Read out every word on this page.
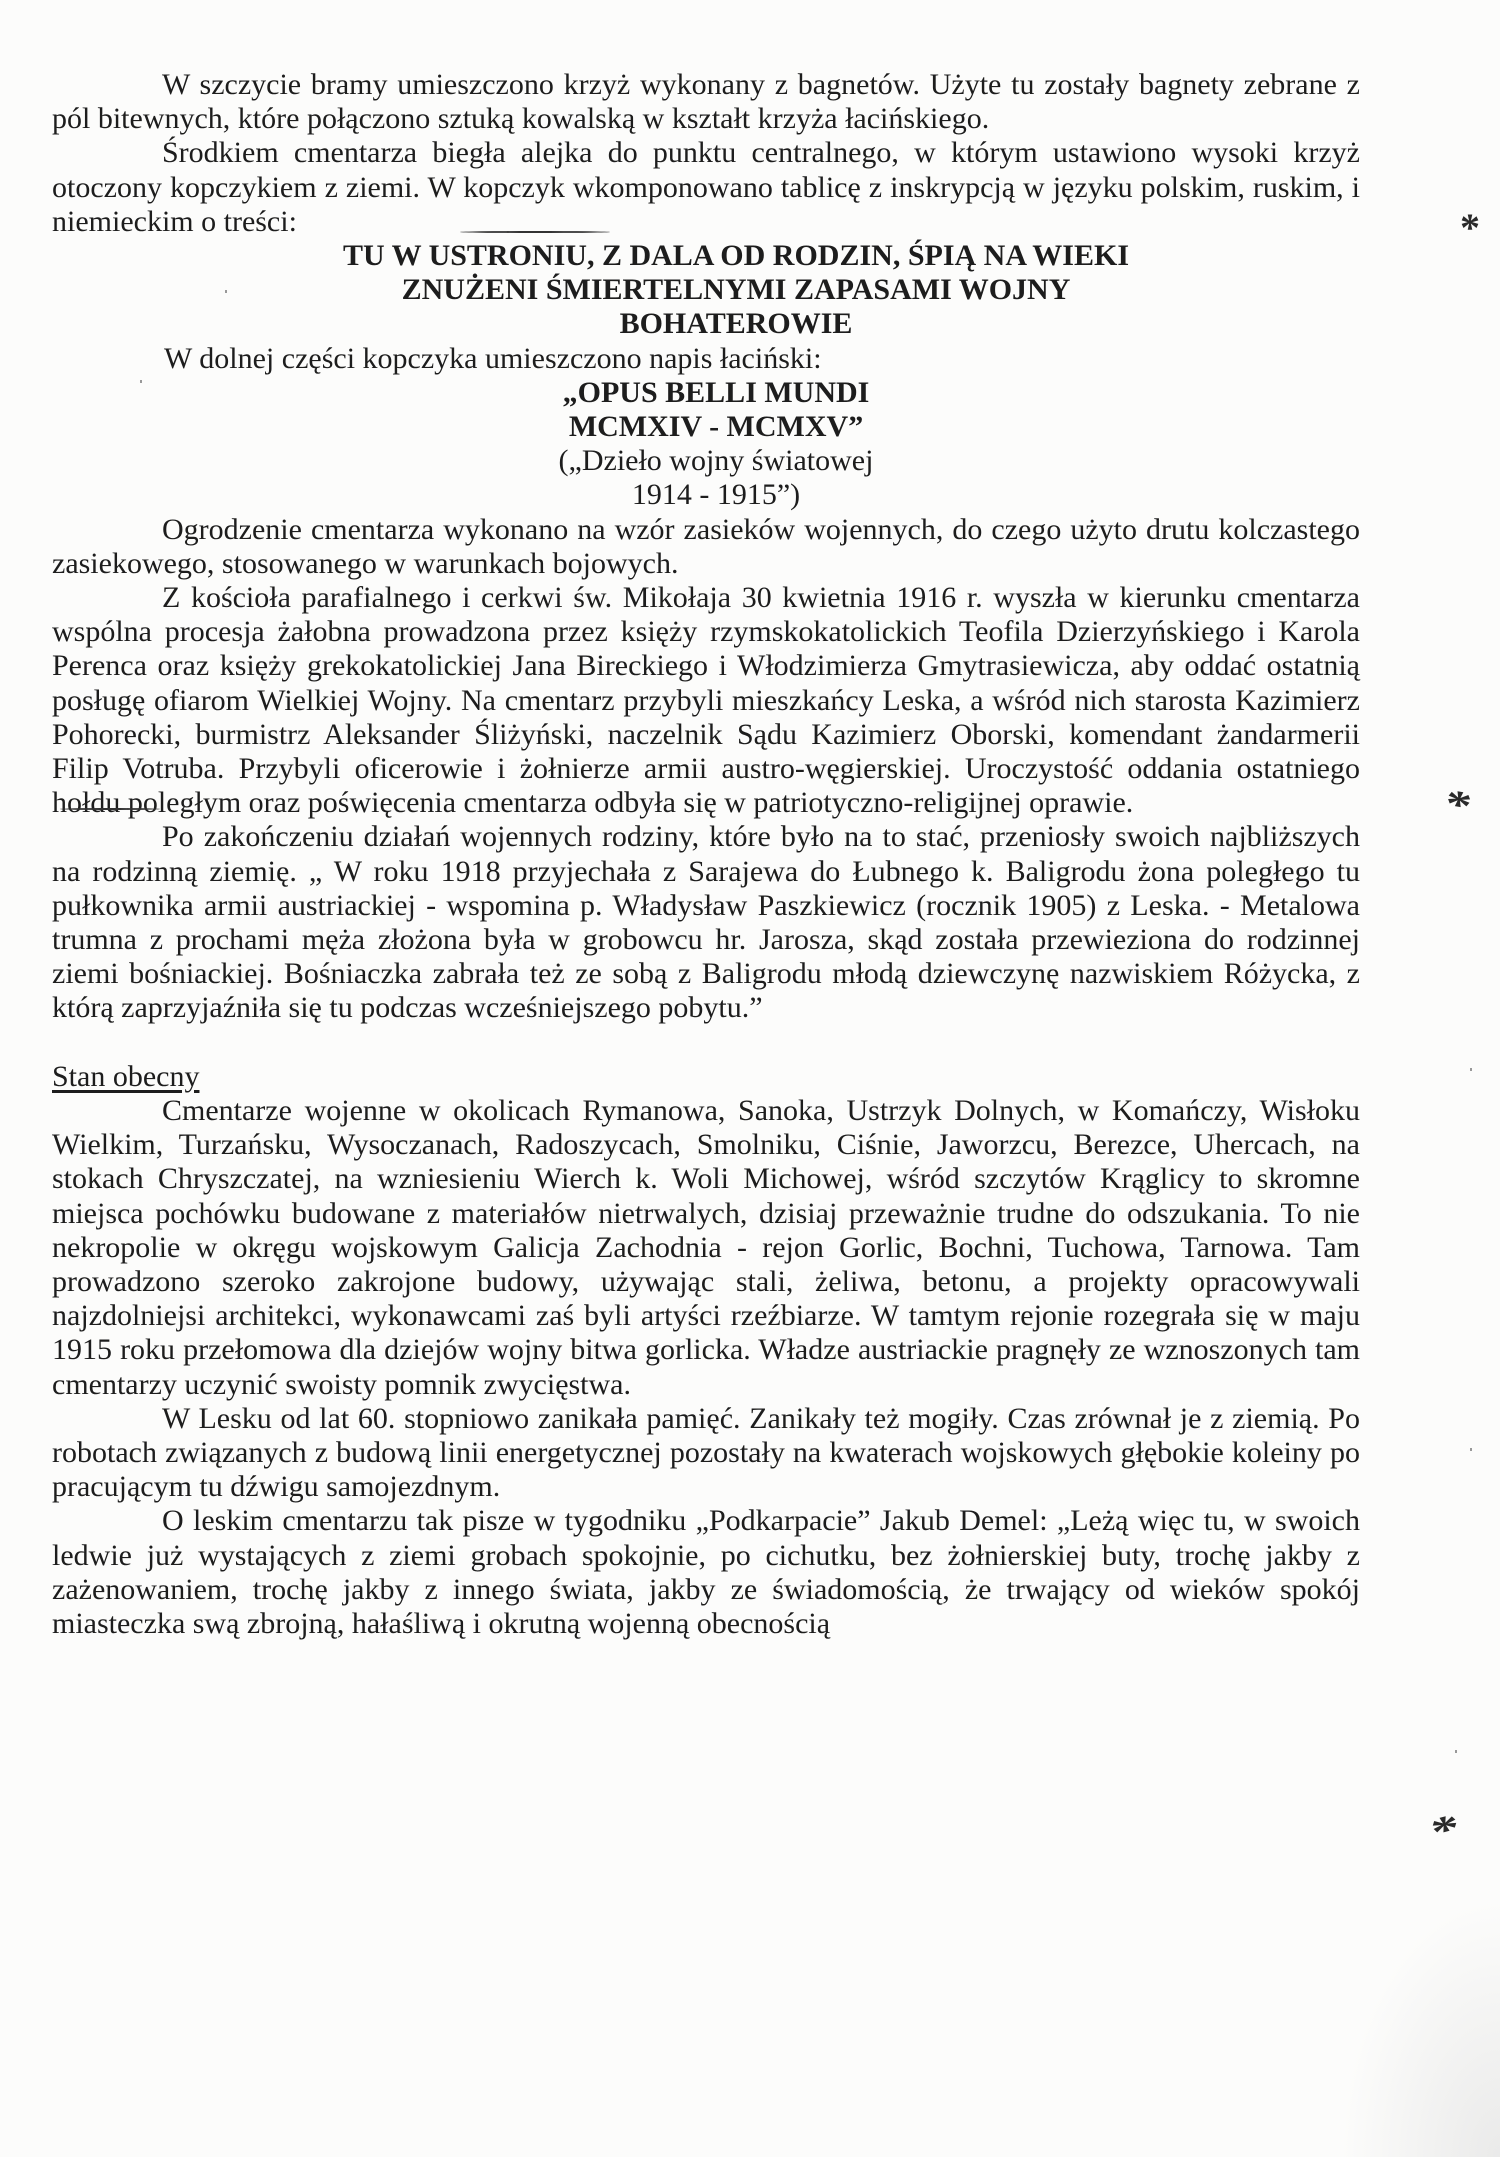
W szczycie bramy umieszczono krzyż wykonany z bagnetów. Użyte tu zostały bagnety zebrane z pól bitewnych, które połączono sztuką kowalską w kształt krzyża łacińskiego.

Środkiem cmentarza biegła alejka do punktu centralnego, w którym ustawiono wysoki krzyż otoczony kopczykiem z ziemi. W kopczyk wkomponowano tablicę z inskrypcją w języku polskim, ruskim, i niemieckim o treści:

TU W USTRONIU, Z DALA OD RODZIN, ŚPIĄ NA WIEKI

ZNUŻENI ŚMIERTELNYMI ZAPASAMI WOJNY

BOHATEROWIE

W dolnej części kopczyka umieszczono napis łaciński:

„OPUS BELLI MUNDI

MCMXIV - MCMXV”

(„Dzieło wojny światowej

1914 - 1915”)

Ogrodzenie cmentarza wykonano na wzór zasieków wojennych, do czego użyto drutu kolczastego zasiekowego, stosowanego w warunkach bojowych.

Z kościoła parafialnego i cerkwi św. Mikołaja 30 kwietnia 1916 r. wyszła w kierunku cmentarza wspólna procesja żałobna prowadzona przez księży rzymskokatolickich Teofila Dzierzyńskiego i Karola Perenca oraz księży grekokatolickiej Jana Bireckiego i Włodzimierza Gmytrasiewicza, aby oddać ostatnią posługę ofiarom Wielkiej Wojny. Na cmentarz przybyli mieszkańcy Leska, a wśród nich starosta Kazimierz Pohorecki, burmistrz Aleksander Śliżyński, naczelnik Sądu Kazimierz Oborski, komendant żandarmerii Filip Votruba. Przybyli oficerowie i żołnierze armii austro-węgierskiej. Uroczystość oddania ostatniego hołdu poległym oraz poświęcenia cmentarza odbyła się w patriotyczno-religijnej oprawie.

Po zakończeniu działań wojennych rodziny, które było na to stać, przeniosły swoich najbliższych na rodzinną ziemię. „ W roku 1918 przyjechała z Sarajewa do Łubnego k. Baligrodu żona poległego tu pułkownika armii austriackiej - wspomina p. Władysław Paszkiewicz (rocznik 1905) z Leska. - Metalowa trumna z prochami męża złożona była w grobowcu hr. Jarosza, skąd została przewieziona do rodzinnej ziemi bośniackiej. Bośniaczka zabrała też ze sobą z Baligrodu młodą dziewczynę nazwiskiem Różycka, z którą zaprzyjaźniła się tu podczas wcześniejszego pobytu.”

Stan obecny

Cmentarze wojenne w okolicach Rymanowa, Sanoka, Ustrzyk Dolnych, w Komańczy, Wisłoku Wielkim, Turzańsku, Wysoczanach, Radoszycach, Smolniku, Ciśnie, Jaworzcu, Berezce, Uhercach, na stokach Chryszczatej, na wzniesieniu Wierch k. Woli Michowej, wśród szczytów Krąglicy to skromne miejsca pochówku budowane z materiałów nietrwalych, dzisiaj przeważnie trudne do odszukania. To nie nekropolie w okręgu wojskowym Galicja Zachodnia - rejon Gorlic, Bochni, Tuchowa, Tarnowa. Tam prowadzono szeroko zakrojone budowy, używając stali, żeliwa, betonu, a projekty opracowywali najzdolniejsi architekci, wykonawcami zaś byli artyści rzeźbiarze. W tamtym rejonie rozegrała się w maju 1915 roku przełomowa dla dziejów wojny bitwa gorlicka. Władze austriackie pragnęły ze wznoszonych tam cmentarzy uczynić swoisty pomnik zwycięstwa.

W Lesku od lat 60. stopniowo zanikała pamięć. Zanikały też mogiły. Czas zrównał je z ziemią. Po robotach związanych z budową linii energetycznej pozostały na kwaterach wojskowych głębokie koleiny po pracującym tu dźwigu samojezdnym.

O leskim cmentarzu tak pisze w tygodniku „Podkarpacie” Jakub Demel: „Leżą więc tu, w swoich ledwie już wystających z ziemi grobach spokojnie, po cichutku, bez żołnierskiej buty, trochę jakby z zażenowaniem, trochę jakby z innego świata, jakby ze świadomością, że trwający od wieków spokój miasteczka swą zbrojną, hałaśliwą i okrutną wojenną obecnością

*
*
*
